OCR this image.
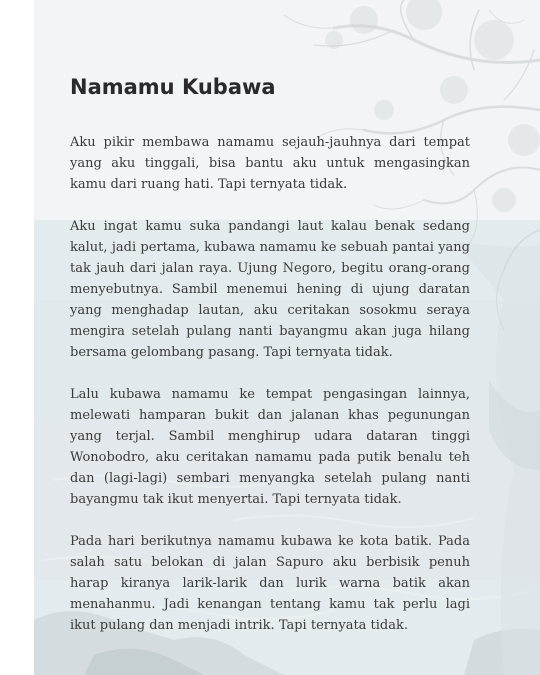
Namamu Kubawa

Aku pikir membawa namamu sejauh-jauhnya dari tempat yang aku tinggali, bisa bantu aku untuk mengasingkan kamu dari ruang hati. Tapi ternyata tidak.

Aku ingat kamu suka pandangi laut kalau benak sedang kalut, jadi pertama, kubawa namamu ke sebuah pantai yang tak jauh dari jalan raya. Ujung Negoro, begitu orang-orang menyebutnya. Sambil menemui hening di ujung daratan yang menghadap lautan, aku ceritakan sosokmu seraya mengira setelah pulang nanti bayangmu akan juga hilang bersama gelombang pasang. Tapi ternyata tidak.

Lalu kubawa namamu ke tempat pengasingan lainnya, melewati hamparan bukit dan jalanan khas pegunungan yang terjal. Sambil menghirup udara dataran tinggi Wonobodro, aku ceritakan namamu pada putik benalu teh dan (lagi-lagi) sembari menyangka setelah pulang nanti bayangmu tak ikut menyertai. Tapi ternyata tidak.

Pada hari berikutnya namamu kubawa ke kota batik. Pada salah satu belokan di jalan Sapuro aku berbisik penuh harap kiranya larik-larik dan lurik warna batik akan menahanmu. Jadi kenangan tentang kamu tak perlu lagi ikut pulang dan menjadi intrik. Tapi ternyata tidak.
